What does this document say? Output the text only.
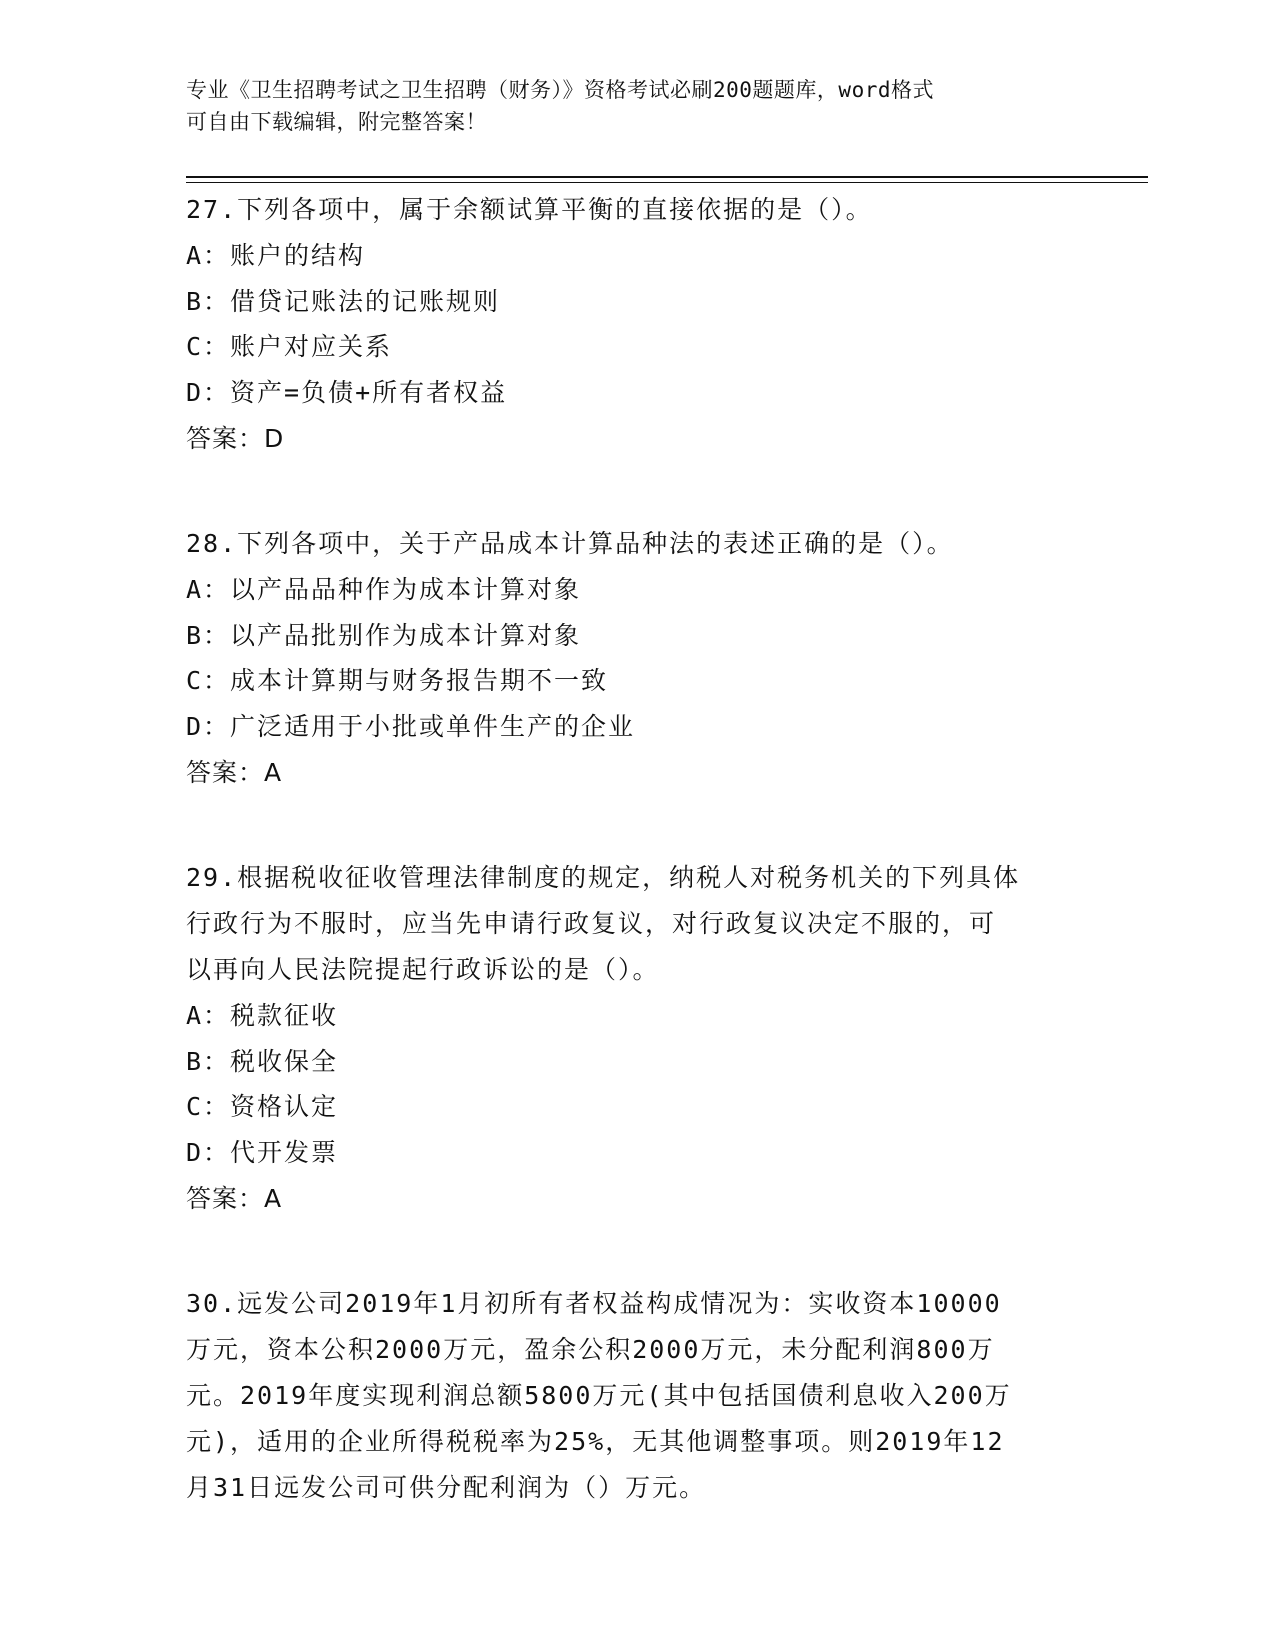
专业《卫生招聘考试之卫生招聘（财务）》资格考试必刷200题题库，word格式
可自由下载编辑，附完整答案！
27.下列各项中，属于余额试算平衡的直接依据的是（）。
A：账户的结构
B：借贷记账法的记账规则
C：账户对应关系
D：资产=负债+所有者权益
答案：D
28.下列各项中，关于产品成本计算品种法的表述正确的是（）。
A：以产品品种作为成本计算对象
B：以产品批别作为成本计算对象
C：成本计算期与财务报告期不一致
D：广泛适用于小批或单件生产的企业
答案：A
29.根据税收征收管理法律制度的规定，纳税人对税务机关的下列具体
行政行为不服时，应当先申请行政复议，对行政复议决定不服的，可
以再向人民法院提起行政诉讼的是（）。
A：税款征收
B：税收保全
C：资格认定
D：代开发票
答案：A
30.远发公司2019年1月初所有者权益构成情况为：实收资本10000
万元，资本公积2000万元，盈余公积2000万元，未分配利润800万
元。2019年度实现利润总额5800万元(其中包括国债利息收入200万
元)，适用的企业所得税税率为25%，无其他调整事项。则2019年12
月31日远发公司可供分配利润为（）万元。
